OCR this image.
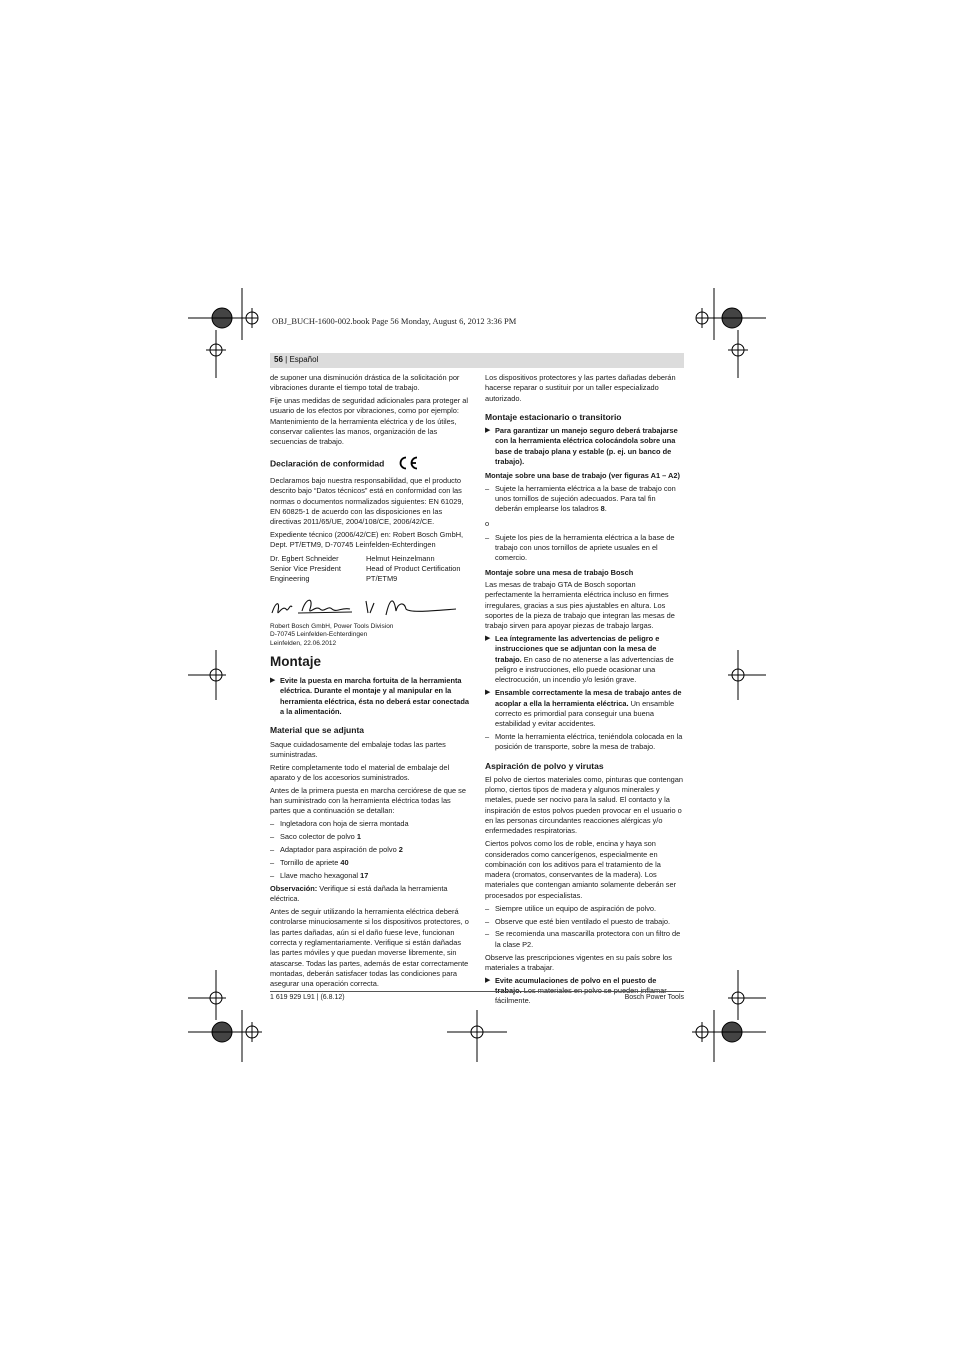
OBJ_BUCH-1600-002.book Page 56 Monday, August 6, 2012 3:36 PM
56 | Español

de suponer una disminución drástica de la solicitación por vibraciones durante el tiempo total de trabajo.

Fije unas medidas de seguridad adicionales para proteger al usuario de los efectos por vibraciones, como por ejemplo: Mantenimiento de la herramienta eléctrica y de los útiles, conservar calientes las manos, organización de las secuencias de trabajo.

Declaración de conformidad

Declaramos bajo nuestra responsabilidad, que el producto descrito bajo “Datos técnicos” está en conformidad con las normas o documentos normalizados siguientes: EN 61029, EN 60825-1 de acuerdo con las disposiciones en las directivas 2011/65/UE, 2004/108/CE, 2006/42/CE.

Expediente técnico (2006/42/CE) en: Robert Bosch GmbH, Dept. PT/ETM9, D-70745 Leinfelden-Echterdingen

Dr. Egbert Schneider
Senior Vice President
Engineering
Helmut Heinzelmann
Head of Product Certification
PT/ETM9
Robert Bosch GmbH, Power Tools Division
D-70745 Leinfelden-Echterdingen
Leinfelden, 22.06.2012
Montaje
▶ Evite la puesta en marcha fortuita de la herramienta eléctrica. Durante el montaje y al manipular en la herramienta eléctrica, ésta no deberá estar conectada a la alimentación.
Material que se adjunta

Saque cuidadosamente del embalaje todas las partes suministradas.

Retire completamente todo el material de embalaje del aparato y de los accesorios suministrados.

Antes de la primera puesta en marcha cerciórese de que se han suministrado con la herramienta eléctrica todas las partes que a continuación se detallan:

– Ingletadora con hoja de sierra montada
– Saco colector de polvo 1
– Adaptador para aspiración de polvo 2
– Tornillo de apriete 40
– Llave macho hexagonal 17

Observación: Verifique si está dañada la herramienta eléctrica.

Antes de seguir utilizando la herramienta eléctrica deberá controlarse minuciosamente si los dispositivos protectores, o las partes dañadas, aún si el daño fuese leve, funcionan correcta y reglamentariamente. Verifique si están dañadas las partes móviles y que puedan moverse libremente, sin atascarse. Todas las partes, además de estar correctamente montadas, deberán satisfacer todas las condiciones para asegurar una operación correcta.

Los dispositivos protectores y las partes dañadas deberán hacerse reparar o sustituir por un taller especializado autorizado.

Montaje estacionario o transitorio
▶ Para garantizar un manejo seguro deberá trabajarse con la herramienta eléctrica colocándola sobre una base de trabajo plana y estable (p. ej. un banco de trabajo).
Montaje sobre una base de trabajo (ver figuras A1 – A2)
– Sujete la herramienta eléctrica a la base de trabajo con unos tornillos de sujeción adecuados. Para tal fin deberán emplearse los taladros 8.

o

– Sujete los pies de la herramienta eléctrica a la base de trabajo con unos tornillos de apriete usuales en el comercio.
Montaje sobre una mesa de trabajo Bosch

Las mesas de trabajo GTA de Bosch soportan perfectamente la herramienta eléctrica incluso en firmes irregulares, gracias a sus pies ajustables en altura. Los soportes de la pieza de trabajo que integran las mesas de trabajo sirven para apoyar piezas de trabajo largas.

▶ Lea íntegramente las advertencias de peligro e instrucciones que se adjuntan con la mesa de trabajo. En caso de no atenerse a las advertencias de peligro e instrucciones, ello puede ocasionar una electrocución, un incendio y/o lesión grave.
▶ Ensamble correctamente la mesa de trabajo antes de acoplar a ella la herramienta eléctrica. Un ensamble correcto es primordial para conseguir una buena estabilidad y evitar accidentes.
– Monte la herramienta eléctrica, teniéndola colocada en la posición de transporte, sobre la mesa de trabajo.
Aspiración de polvo y virutas

El polvo de ciertos materiales como, pinturas que contengan plomo, ciertos tipos de madera y algunos minerales y metales, puede ser nocivo para la salud. El contacto y la inspiración de estos polvos pueden provocar en el usuario o en las personas circundantes reacciones alérgicas y/o enfermedades respiratorias.

Ciertos polvos como los de roble, encina y haya son considerados como cancerígenos, especialmente en combinación con los aditivos para el tratamiento de la madera (cromatos, conservantes de la madera). Los materiales que contengan amianto solamente deberán ser procesados por especialistas.

– Siempre utilice un equipo de aspiración de polvo.
– Observe que esté bien ventilado el puesto de trabajo.
– Se recomienda una mascarilla protectora con un filtro de la clase P2.

Observe las prescripciones vigentes en su país sobre los materiales a trabajar.

▶ Evite acumulaciones de polvo en el puesto de fácilmente.
1 619 929 L91 | (6.8.12)	Bosch Power Tools
